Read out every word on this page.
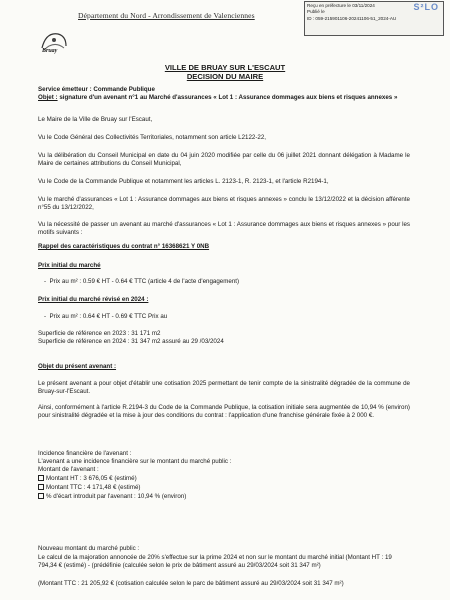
Département du Nord - Arrondissement de Valenciennes
Reçu en préfecture le 03/11/2024
Publié le
ID : 059-215901106-20241106-51_2024-AU
S²LO
Bruay
VILLE DE BRUAY SUR L'ESCAUT
DECISION DU MAIRE
Service émetteur : Commande Publique
Objet : signature d'un avenant n°1 au Marché d'assurances « Lot 1 : Assurance dommages aux biens et risques annexes »
Le Maire de la Ville de Bruay sur l'Escaut,
Vu le Code Général des Collectivités Territoriales, notamment son article L2122-22,
Vu la délibération du Conseil Municipal en date du 04 juin 2020 modifiée par celle du 06 juillet 2021 donnant délégation à Madame le Maire de certaines attributions du Conseil Municipal,
Vu le Code de la Commande Publique et notamment les articles L. 2123-1, R. 2123-1, et l'article R2194-1,
Vu le marché d'assurances « Lot 1 : Assurance dommages aux biens et risques annexes » conclu le 13/12/2022 et la décision afférente n°55 du 13/12/2022,
Vu la nécessité de passer un avenant au marché d'assurances « Lot 1 : Assurance dommages aux biens et risques annexes » pour les motifs suivants :
Rappel des caractéristiques du contrat n° 16368621 Y 0NB
Prix initial du marché
-  Prix au m² : 0.59 € HT - 0.64 € TTC (article 4 de l'acte d'engagement)
Prix initial du marché révisé en 2024 :
-  Prix au m² : 0.64 € HT - 0.69 € TTC Prix au
Superficie de référence en 2023 : 31 171 m2
Superficie de référence en 2024 : 31 347 m2 assuré au 29 /03/2024
Objet du présent avenant :
Le présent avenant a pour objet d'établir une cotisation 2025 permettant de tenir compte de la sinistralité dégradée de la commune de Bruay-sur-l'Escaut.
Ainsi, conformément à l'article R.2194-3 du Code de la Commande Publique, la cotisation initiale sera augmentée de 10,94 % (environ) pour sinistralité dégradée et la mise à jour des conditions du contrat : l'application d'une franchise générale fixée à 2 000 €.
Incidence financière de l'avenant :
L'avenant a une incidence financière sur le montant du marché public :
Montant de l'avenant :
Montant HT : 3 676,05 € (estimé)
Montant TTC : 4 171,48 € (estimé)
% d'écart introduit par l'avenant : 10,94 % (environ)
Nouveau montant du marché public :
Le calcul de la majoration annoncée de 20% s'effectue sur la prime 2024 et non sur le montant du marché initial (Montant HT : 19 794,34 € (estimé) - (prédéfinie (calculée selon le prix de bâtiment assuré au 29/03/2024 soit 31 347 m²)
(Montant TTC : 21 205,92 € (cotisation calculée selon le parc de bâtiment assuré au 29/03/2024 soit 31 347 m²)
